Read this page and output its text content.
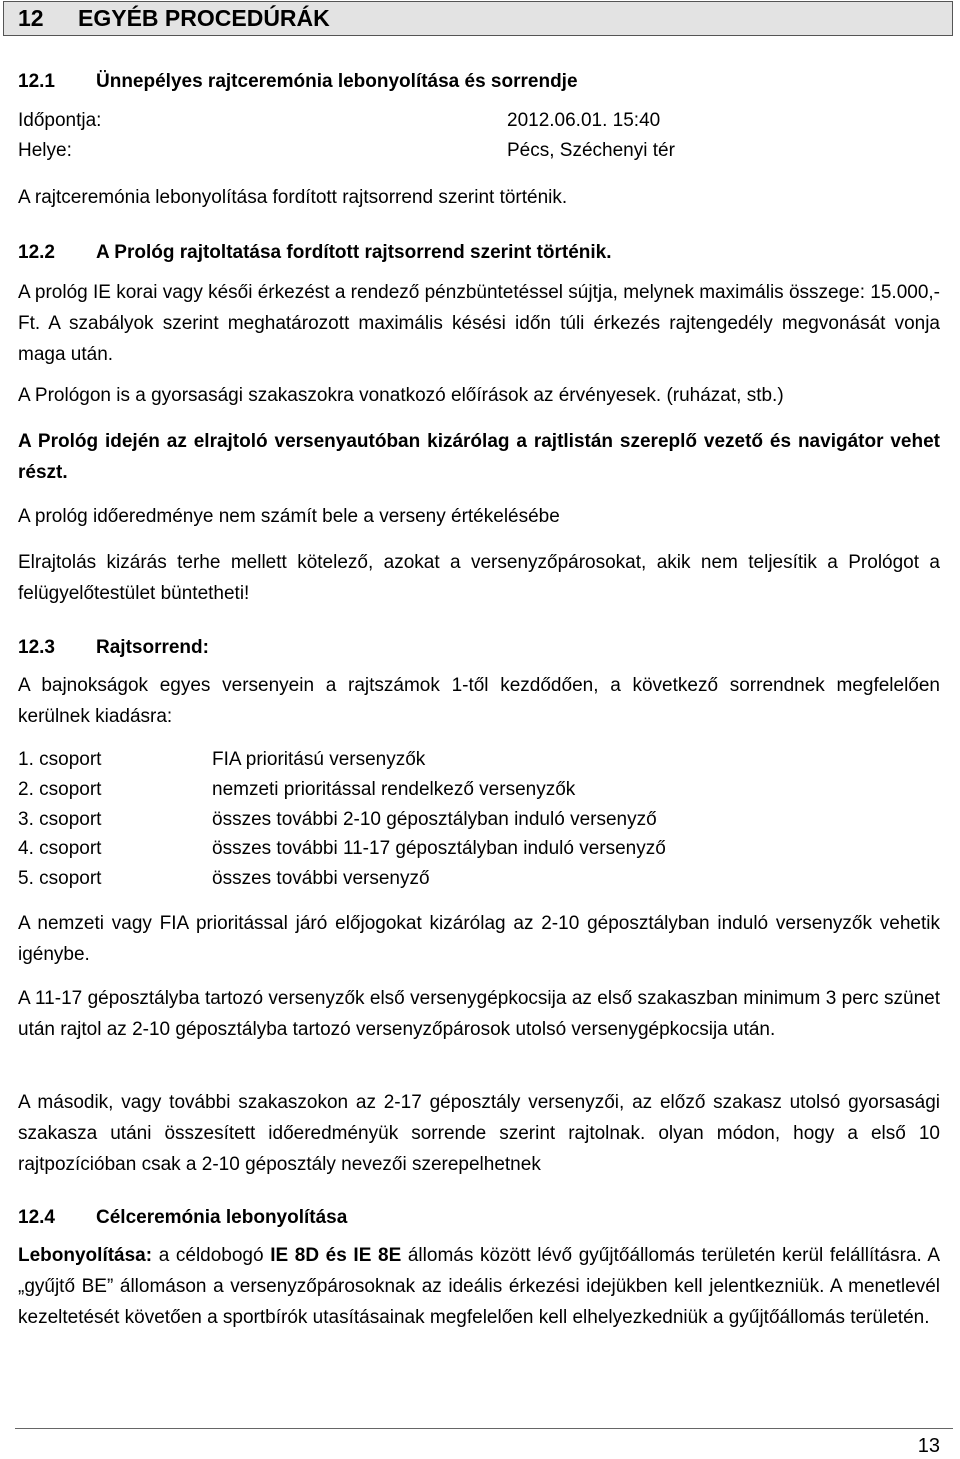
12 EGYÉB PROCEDÚRÁK
12.1 Ünnepélyes rajtceremónia lebonyolítása és sorrendje
Időpontja:	2012.06.01. 15:40
Helye:	Pécs, Széchenyi tér
A rajtceremónia lebonyolítása fordított rajtsorrend szerint történik.
12.2 A Prológ rajtoltatása fordított rajtsorrend szerint történik.
A prológ IE korai vagy késői érkezést a rendező pénzbüntetéssel sújtja, melynek maximális összege: 15.000,- Ft. A szabályok szerint meghatározott maximális késési időn túli érkezés rajtengedély megvonását vonja maga után.
A Prológon is a gyorsasági szakaszokra vonatkozó előírások az érvényesek. (ruházat, stb.)
A Prológ idején az elrajtoló versenyautóban kizárólag a rajtlistán szereplő vezető és navigátor vehet részt.
A prológ időeredménye nem számít bele a verseny értékelésébe
Elrajtolás kizárás terhe mellett kötelező, azokat a versenyzőpárosokat, akik nem teljesítik a Prológot a felügyelőtestület büntetheti!
12.3 Rajtsorrend:
A bajnokságok egyes versenyein a rajtszámok 1-től kezdődően, a következő sorrendnek megfelelően kerülnek kiadásra:
1. csoport	FIA prioritású versenyzők
2. csoport	nemzeti prioritással rendelkező versenyzők
3. csoport	összes további 2-10 géposztályban induló versenyző
4. csoport	összes további 11-17 géposztályban induló versenyző
5. csoport	összes további versenyző
A nemzeti vagy FIA prioritással járó előjogokat kizárólag az 2-10 géposztályban induló versenyzők vehetik igénybe.
A 11-17 géposztályba tartozó versenyzők első versenygépkocsija az első szakaszban minimum 3 perc szünet után rajtol az 2-10 géposztályba tartozó versenyzőpárosok utolsó versenygépkocsija után.
A második, vagy további szakaszokon az 2-17 géposztály versenyzői, az előző szakasz utolsó gyorsasági szakasza utáni összesített időeredményük sorrende szerint rajtolnak. olyan módon, hogy a első 10 rajtpozícióban csak a 2-10 géposztály nevezői szerepelhetnek
12.4 Célceremónia lebonyolítása
Lebonyolítása: a céldobogó IE 8D és IE 8E állomás között lévő gyűjtőállomás területén kerül felállításra. A „gyűjtő BE” állomáson a versenyzőpárosoknak az ideális érkezési idejükben kell jelentkezniük. A menetlevél kezeltetését követően a sportbírók utasításainak megfelelően kell elhelyezkedniük a gyűjtőállomás területén.
13
